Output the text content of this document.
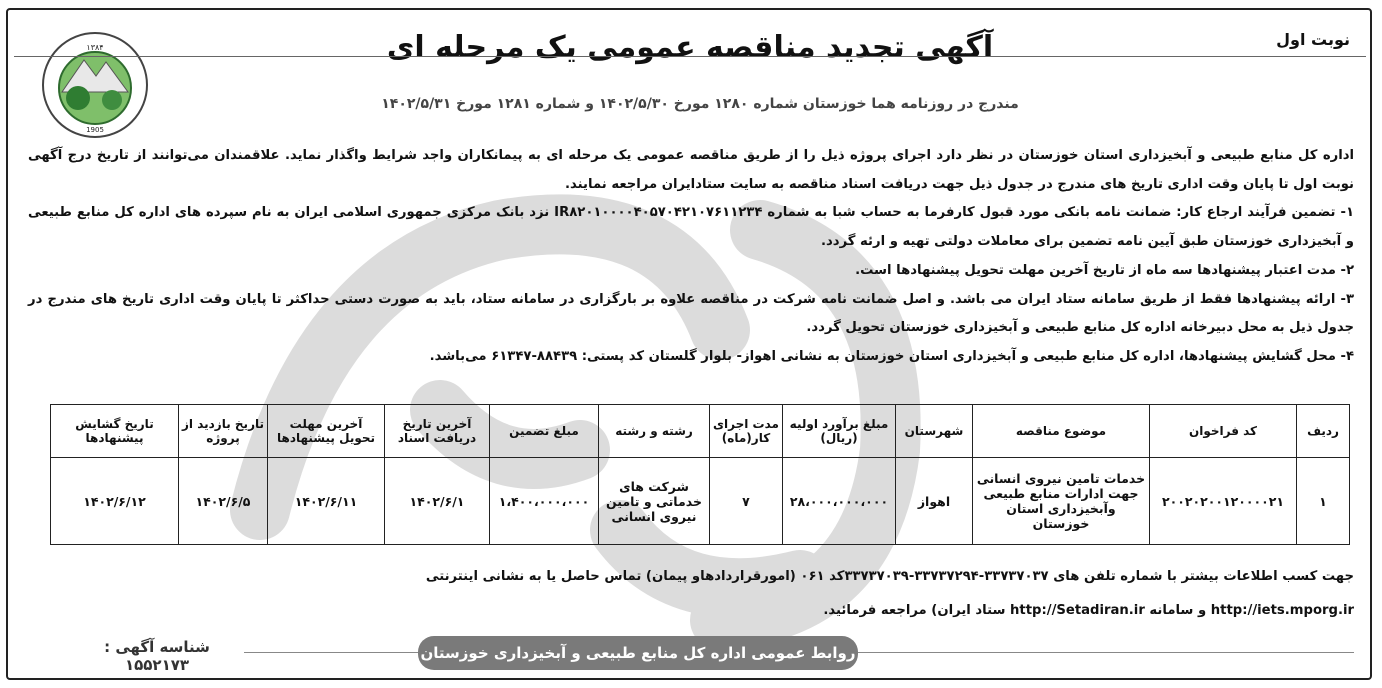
۱۳۸۴
1905
نوبت اول
آگهی تجدید مناقصه عمومی یک مرحله ای
مندرج در روزنامه هما خوزستان شماره ۱۲۸۰ مورخ ۱۴۰۲/۵/۳۰ و شماره ۱۲۸۱ مورخ ۱۴۰۲/۵/۳۱

اداره کل منابع طبیعی و آبخیزداری استان خوزستان در نظر دارد اجرای پروژه ذیل را از طریق مناقصه عمومی یک مرحله ای به پیمانکاران واجد شرایط واگذار نماید. علاقمندان می‌توانند از تاریخ درج آگهی نوبت اول تا پایان وقت اداری تاریخ های مندرج در جدول ذیل جهت دریافت اسناد مناقصه به سایت ستادایران مراجعه نمایند.

۱- تضمین فرآیند ارجاع کار: ضمانت نامه بانکی مورد قبول کارفرما به حساب شبا به شماره IR۸۲۰۱۰۰۰۰۴۰۵۷۰۴۲۱۰۷۶۱۱۲۳۴ نزد بانک مرکزی جمهوری اسلامی ایران به نام سپرده های اداره کل منابع طبیعی و آبخیزداری خوزستان طبق آیین نامه تضمین برای معاملات دولتی تهیه و ارئه گردد.

۲- مدت اعتبار پیشنهادها سه ماه از تاریخ آخرین مهلت تحویل پیشنهادها است.

۳- ارائه پیشنهادها فقط از طریق سامانه ستاد ایران می باشد. و اصل ضمانت نامه شرکت در مناقصه علاوه بر بارگزاری در سامانه ستاد، باید به صورت دستی حداکثر تا پایان وقت اداری تاریخ های مندرج در جدول ذیل به محل دبیرخانه اداره کل منابع طبیعی و آبخیزداری خوزستان تحویل گردد.

۴- محل گشایش پیشنهادها، اداره کل منابع طبیعی و آبخیزداری استان خوزستان به نشانی اهواز- بلوار گلستان کد پستی: ۸۸۴۳۹-۶۱۳۴۷ می‌باشد.

ردیف	کد فراخوان	موضوع مناقصه	شهرستان	مبلغ برآورد اولیه (ریال)	مدت اجرای کار(ماه)	رشته و رشته	مبلغ تضمین	آخرین تاریخ دریافت اسناد	آخرین مهلت تحویل پیشنهادها	تاریخ بازدید از پروژه	تاریخ گشایش پیشنهادها
۱	۲۰۰۲۰۲۰۰۱۲۰۰۰۰۲۱	خدمات تامین نیروی انسانی جهت ادارات منابع طبیعی وآبخیزداری استان خوزستان	اهواز	۲۸،۰۰۰،۰۰۰،۰۰۰	۷	شرکت های خدماتی و تامین نیروی انسانی	۱،۴۰۰،۰۰۰،۰۰۰	۱۴۰۲/۶/۱	۱۴۰۲/۶/۱۱	۱۴۰۲/۶/۵	۱۴۰۲/۶/۱۲

جهت کسب اطلاعات بیشتر با شماره تلفن های ۳۳۷۳۷۰۳۷-۳۳۷۳۷۲۹۴-۳۳۷۳۷۰۳۹کد ۰۶۱ (امورقراردادهاو پیمان) تماس حاصل یا به نشانی اینترنتی

http://iets.mporg.ir و سامانه http://Setadiran.ir ستاد ایران) مراجعه فرمائید.

روابط عمومی اداره کل منابع طبیعی و آبخیزداری خوزستان
شناسه آگهی : ۱۵۵۲۱۷۳
